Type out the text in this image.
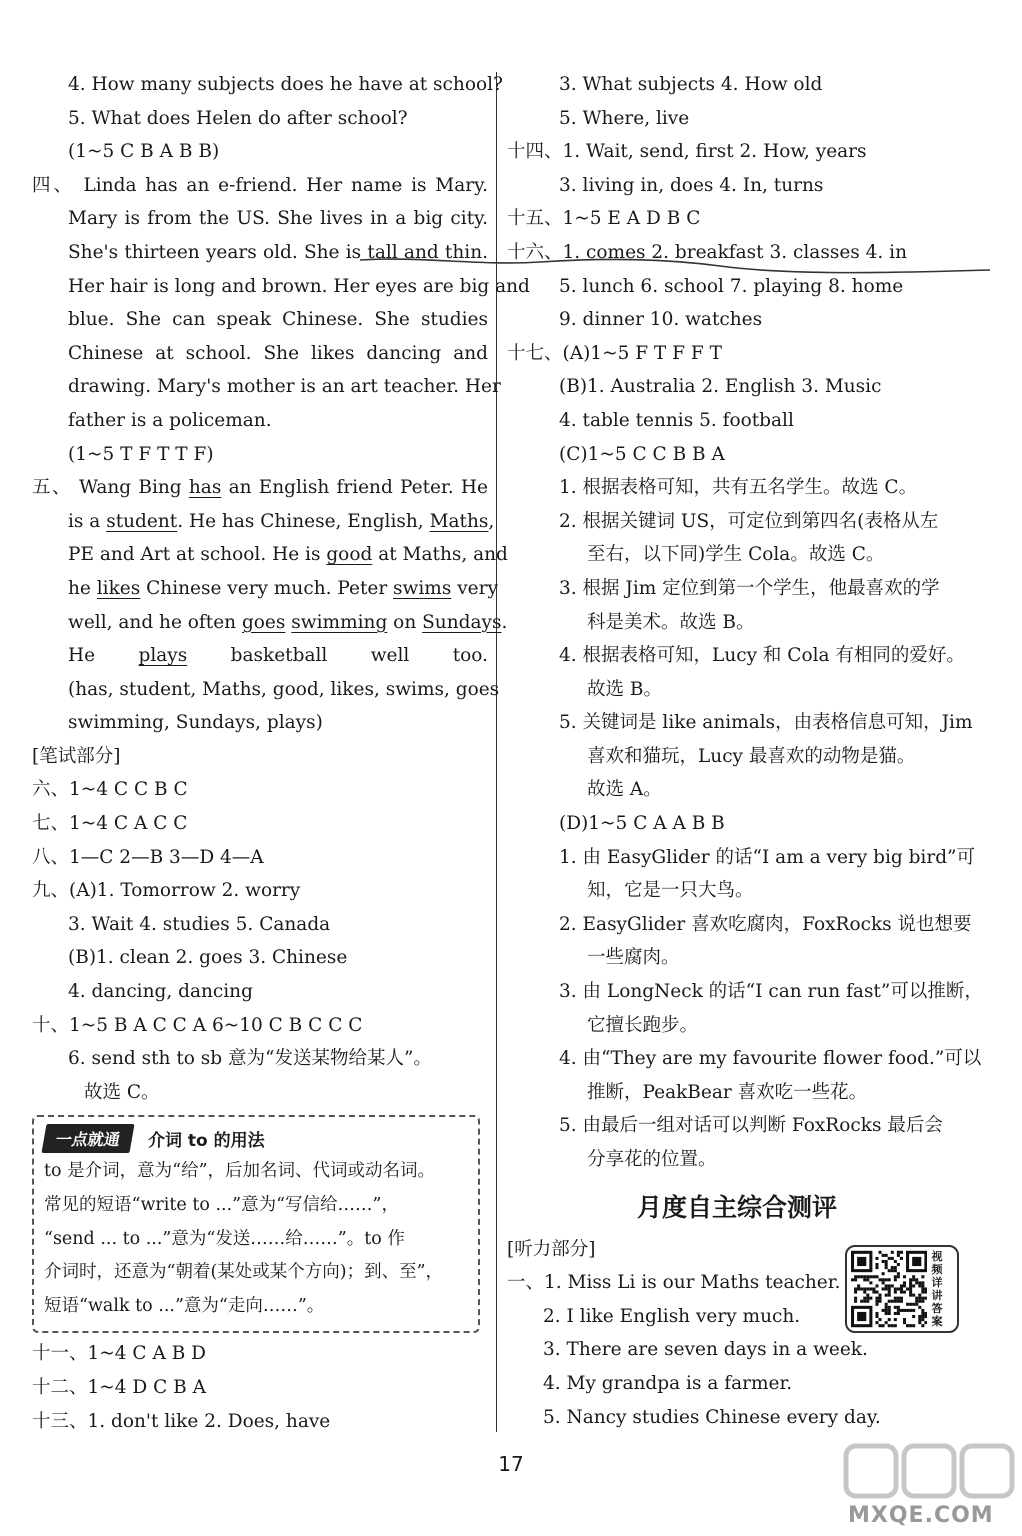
4. How many subjects does he have at school?
5. What does Helen do after school?
(1~5 C B A B B)
四、 Linda has an e-friend. Her name is Mary.
Mary is from the US. She lives in a big city.
She's thirteen years old. She is tall and thin.
Her hair is long and brown. Her eyes are big and
blue. She can speak Chinese. She studies
Chinese at school. She likes dancing and
drawing. Mary's mother is an art teacher. Her
father is a policeman.
(1~5 T F T T F)
五、 Wang Bing has an English friend Peter. He
is a student. He has Chinese, English, Maths,
PE and Art at school. He is good at Maths, and
he likes Chinese very much. Peter swims very
well, and he often goes swimming on Sundays.
He plays basketball well too.
(has, student, Maths, good, likes, swims, goes
swimming, Sundays, plays)
[笔试部分]
六、1~4 C C B C
七、1~4 C A C C
八、1—C 2—B 3—D 4—A
九、(A)1. Tomorrow 2. worry
3. Wait 4. studies 5. Canada
(B)1. clean 2. goes 3. Chinese
4. dancing, dancing
十、1~5 B A C C A 6~10 C B C C C
6. send sth to sb 意为“发送某物给某人”。
故选 C。
一点就通	介词 to 的用法
to 是介词，意为“给”，后加名词、代词或动名词。
常见的短语“write to ...”意为“写信给……”，
“send ... to ...”意为“发送……给……”。to 作
介词时，还意为“朝着(某处或某个方向)；到、至”，
短语“walk to ...”意为“走向……”。
十一、1~4 C A B D
十二、1~4 D C B A
十三、1. don't like 2. Does, have
3. What subjects 4. How old
5. Where, live
十四、1. Wait, send, first 2. How, years
3. living in, does 4. In, turns
十五、1~5 E A D B C
十六、1. comes 2. breakfast 3. classes 4. in
5. lunch 6. school 7. playing 8. home
9. dinner 10. watches
十七、(A)1~5 F T F F T
(B)1. Australia 2. English 3. Music
4. table tennis 5. football
(C)1~5 C C B B A
1. 根据表格可知，共有五名学生。故选 C。
2. 根据关键词 US，可定位到第四名(表格从左
至右，以下同)学生 Cola。故选 C。
3. 根据 Jim 定位到第一个学生，他最喜欢的学
科是美术。故选 B。
4. 根据表格可知，Lucy 和 Cola 有相同的爱好。
故选 B。
5. 关键词是 like animals，由表格信息可知，Jim
喜欢和猫玩，Lucy 最喜欢的动物是猫。
故选 A。
(D)1~5 C A A B B
1. 由 EasyGlider 的话“I am a very big bird”可
知，它是一只大鸟。
2. EasyGlider 喜欢吃腐肉，FoxRocks 说也想要
一些腐肉。
3. 由 LongNeck 的话“I can run fast”可以推断，
它擅长跑步。
4. 由“They are my favourite flower food.”可以
推断，PeakBear 喜欢吃一些花。
5. 由最后一组对话可以判断 FoxRocks 最后会
分享花的位置。
月度自主综合测评
[听力部分]
一、1. Miss Li is our Maths teacher.
2. I like English very much.
3. There are seven days in a week.
4. My grandpa is a farmer.
5. Nancy studies Chinese every day.
视频详讲答案
17
MXQE.COM
